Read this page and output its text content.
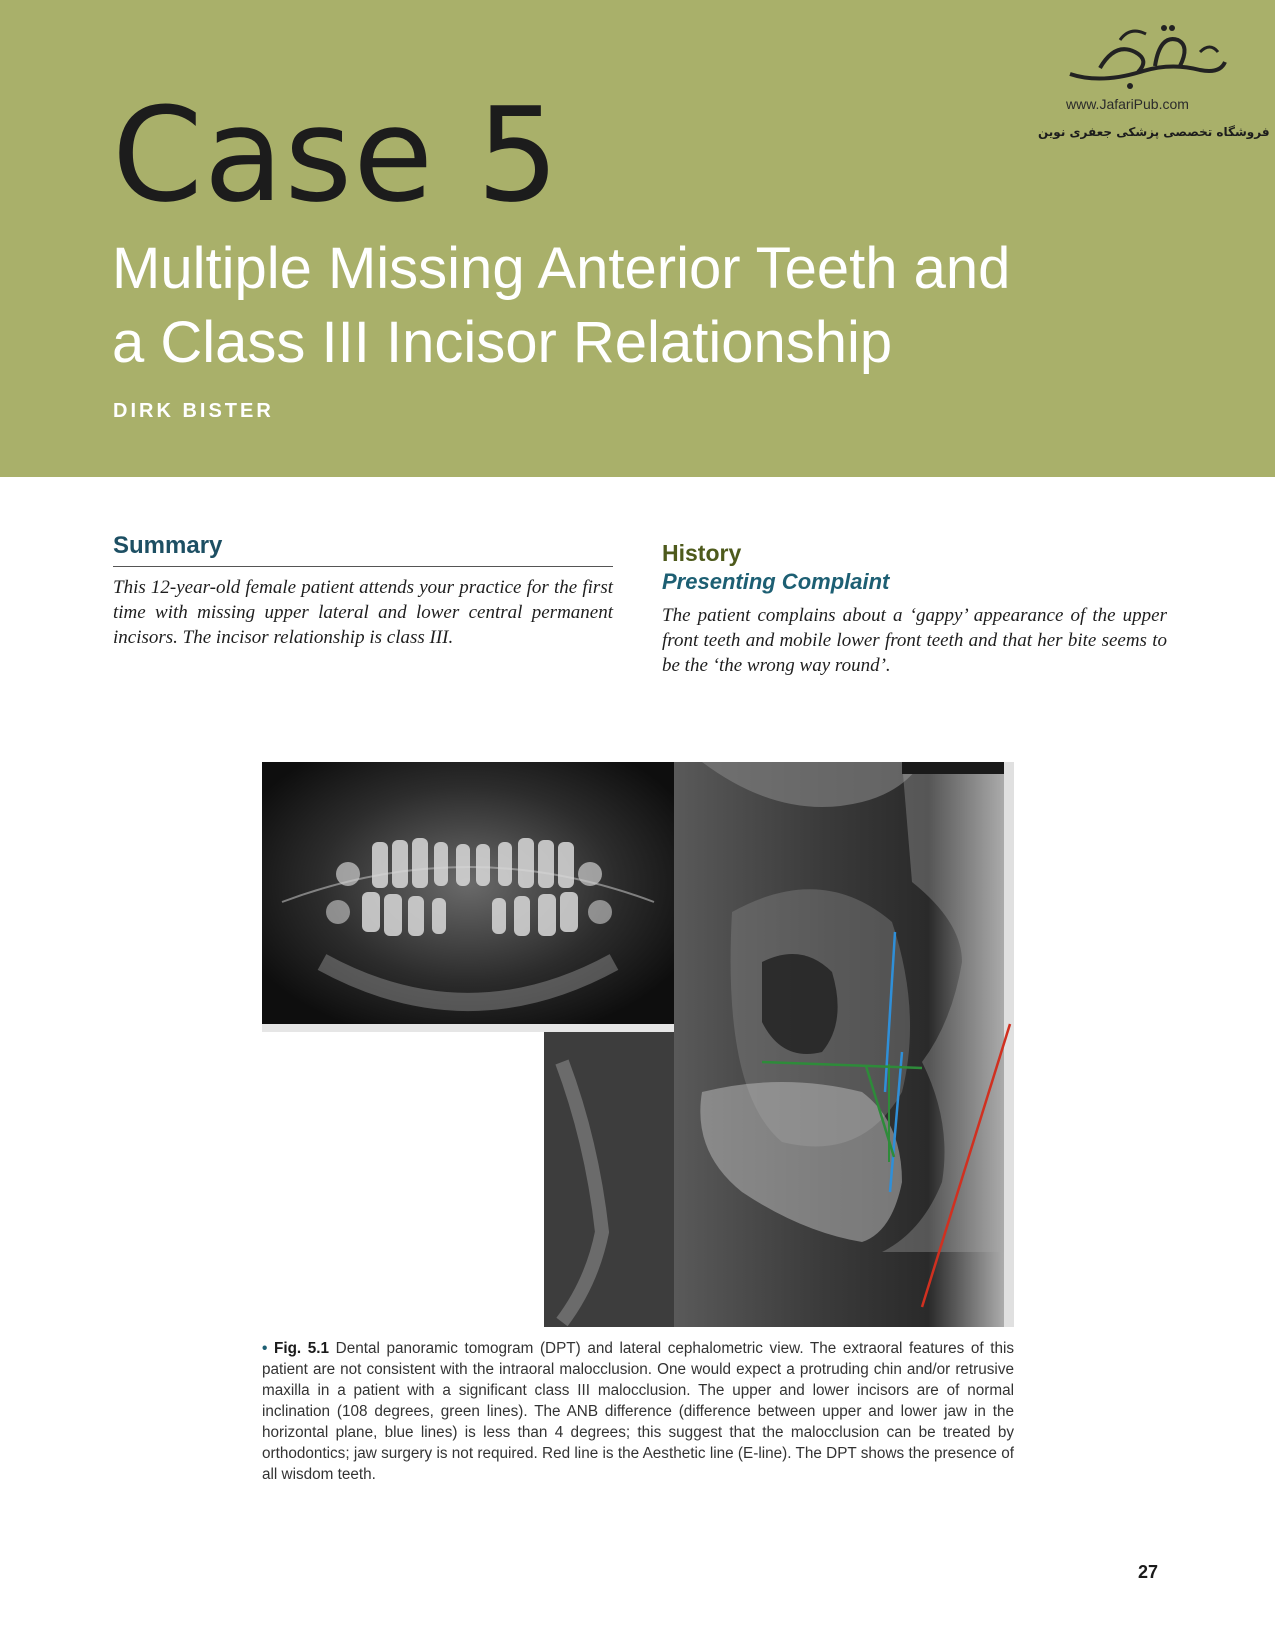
www.JafariPub.com
فروشگاه تخصصی پزشکی جعفری نوین
Case 5
Multiple Missing Anterior Teeth and
a Class III Incisor Relationship
DIRK BISTER
Summary

This 12-year-old female patient attends your practice for the first time with missing upper lateral and lower central permanent incisors. The incisor relationship is class III.

History
Presenting Complaint

The patient complains about a ‘gappy’ appearance of the upper front teeth and mobile lower front teeth and that her bite seems to be the ‘the wrong way round’.

• Fig. 5.1 Dental panoramic tomogram (DPT) and lateral cephalometric view. The extraoral features of this patient are not consistent with the intraoral malocclusion. One would expect a protruding chin and/or retrusive maxilla in a patient with a significant class III malocclusion. The upper and lower incisors are of normal inclination (108 degrees, green lines). The ANB difference (difference between upper and lower jaw in the horizontal plane, blue lines) is less than 4 degrees; this suggest that the malocclusion can be treated by orthodontics; jaw surgery is not required. Red line is the Aesthetic line (E-line). The DPT shows the presence of all wisdom teeth.
27
